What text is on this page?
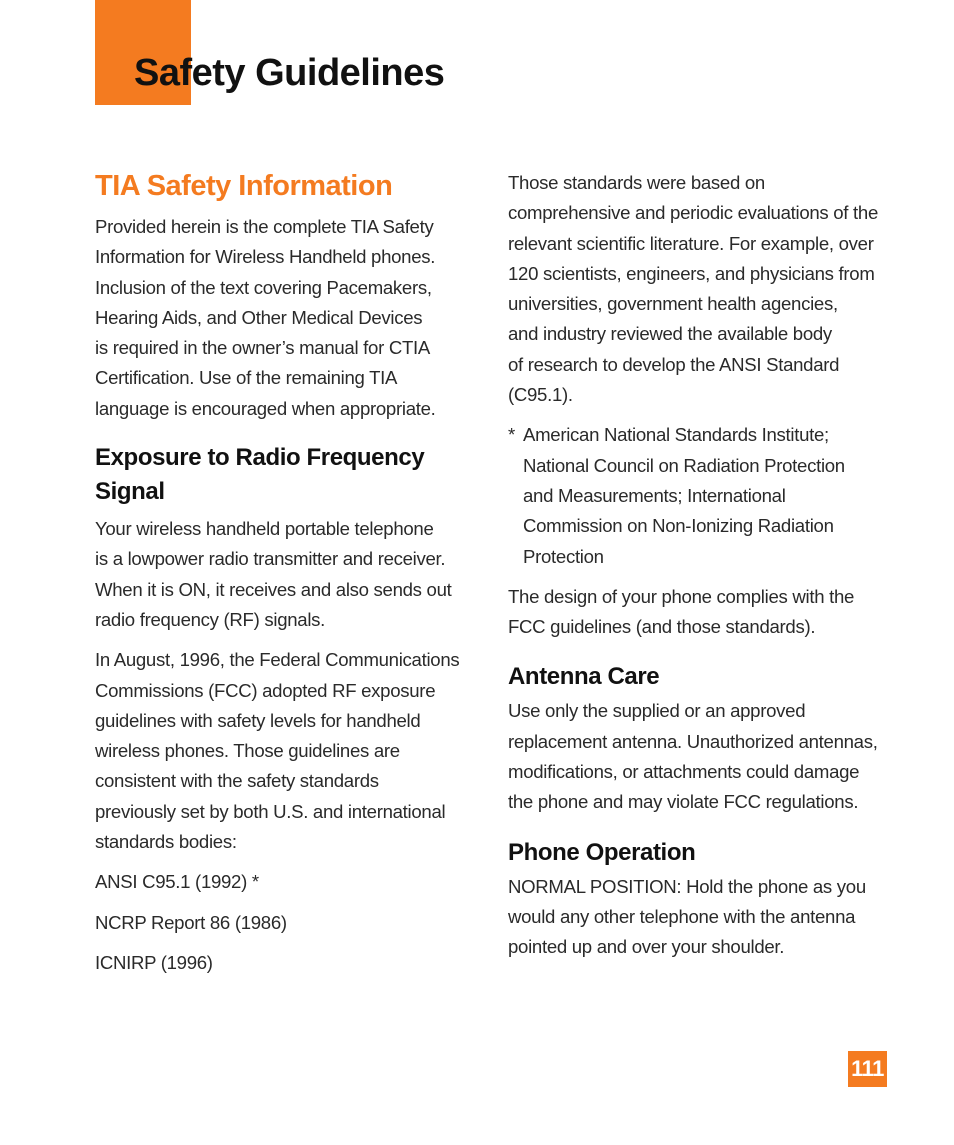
Safety Guidelines
TIA Safety Information

Provided herein is the complete TIA Safety
Information for Wireless Handheld phones.
Inclusion of the text covering Pacemakers,
Hearing Aids, and Other Medical Devices
is required in the owner’s manual for CTIA
Certification. Use of the remaining TIA
language is encouraged when appropriate.

Exposure to Radio Frequency
Signal

Your wireless handheld portable telephone
is a lowpower radio transmitter and receiver.
When it is ON, it receives and also sends out
radio frequency (RF) signals.

In August, 1996, the Federal Communications
Commissions (FCC) adopted RF exposure
guidelines with safety levels for handheld
wireless phones. Those guidelines are
consistent with the safety standards
previously set by both U.S. and international
standards bodies:

ANSI C95.1 (1992) *

NCRP Report 86 (1986)

ICNIRP (1996)

Those standards were based on
comprehensive and periodic evaluations of the
relevant scientific literature. For example, over
120 scientists, engineers, and physicians from
universities, government health agencies,
and industry reviewed the available body
of research to develop the ANSI Standard
(C95.1).

* American National Standards Institute;
National Council on Radiation Protection
and Measurements; International
Commission on Non-Ionizing Radiation
Protection

The design of your phone complies with the
FCC guidelines (and those standards).

Antenna Care

Use only the supplied or an approved
replacement antenna. Unauthorized antennas,
modifications, or attachments could damage
the phone and may violate FCC regulations.

Phone Operation

NORMAL POSITION: Hold the phone as you
would any other telephone with the antenna
pointed up and over your shoulder.

111
